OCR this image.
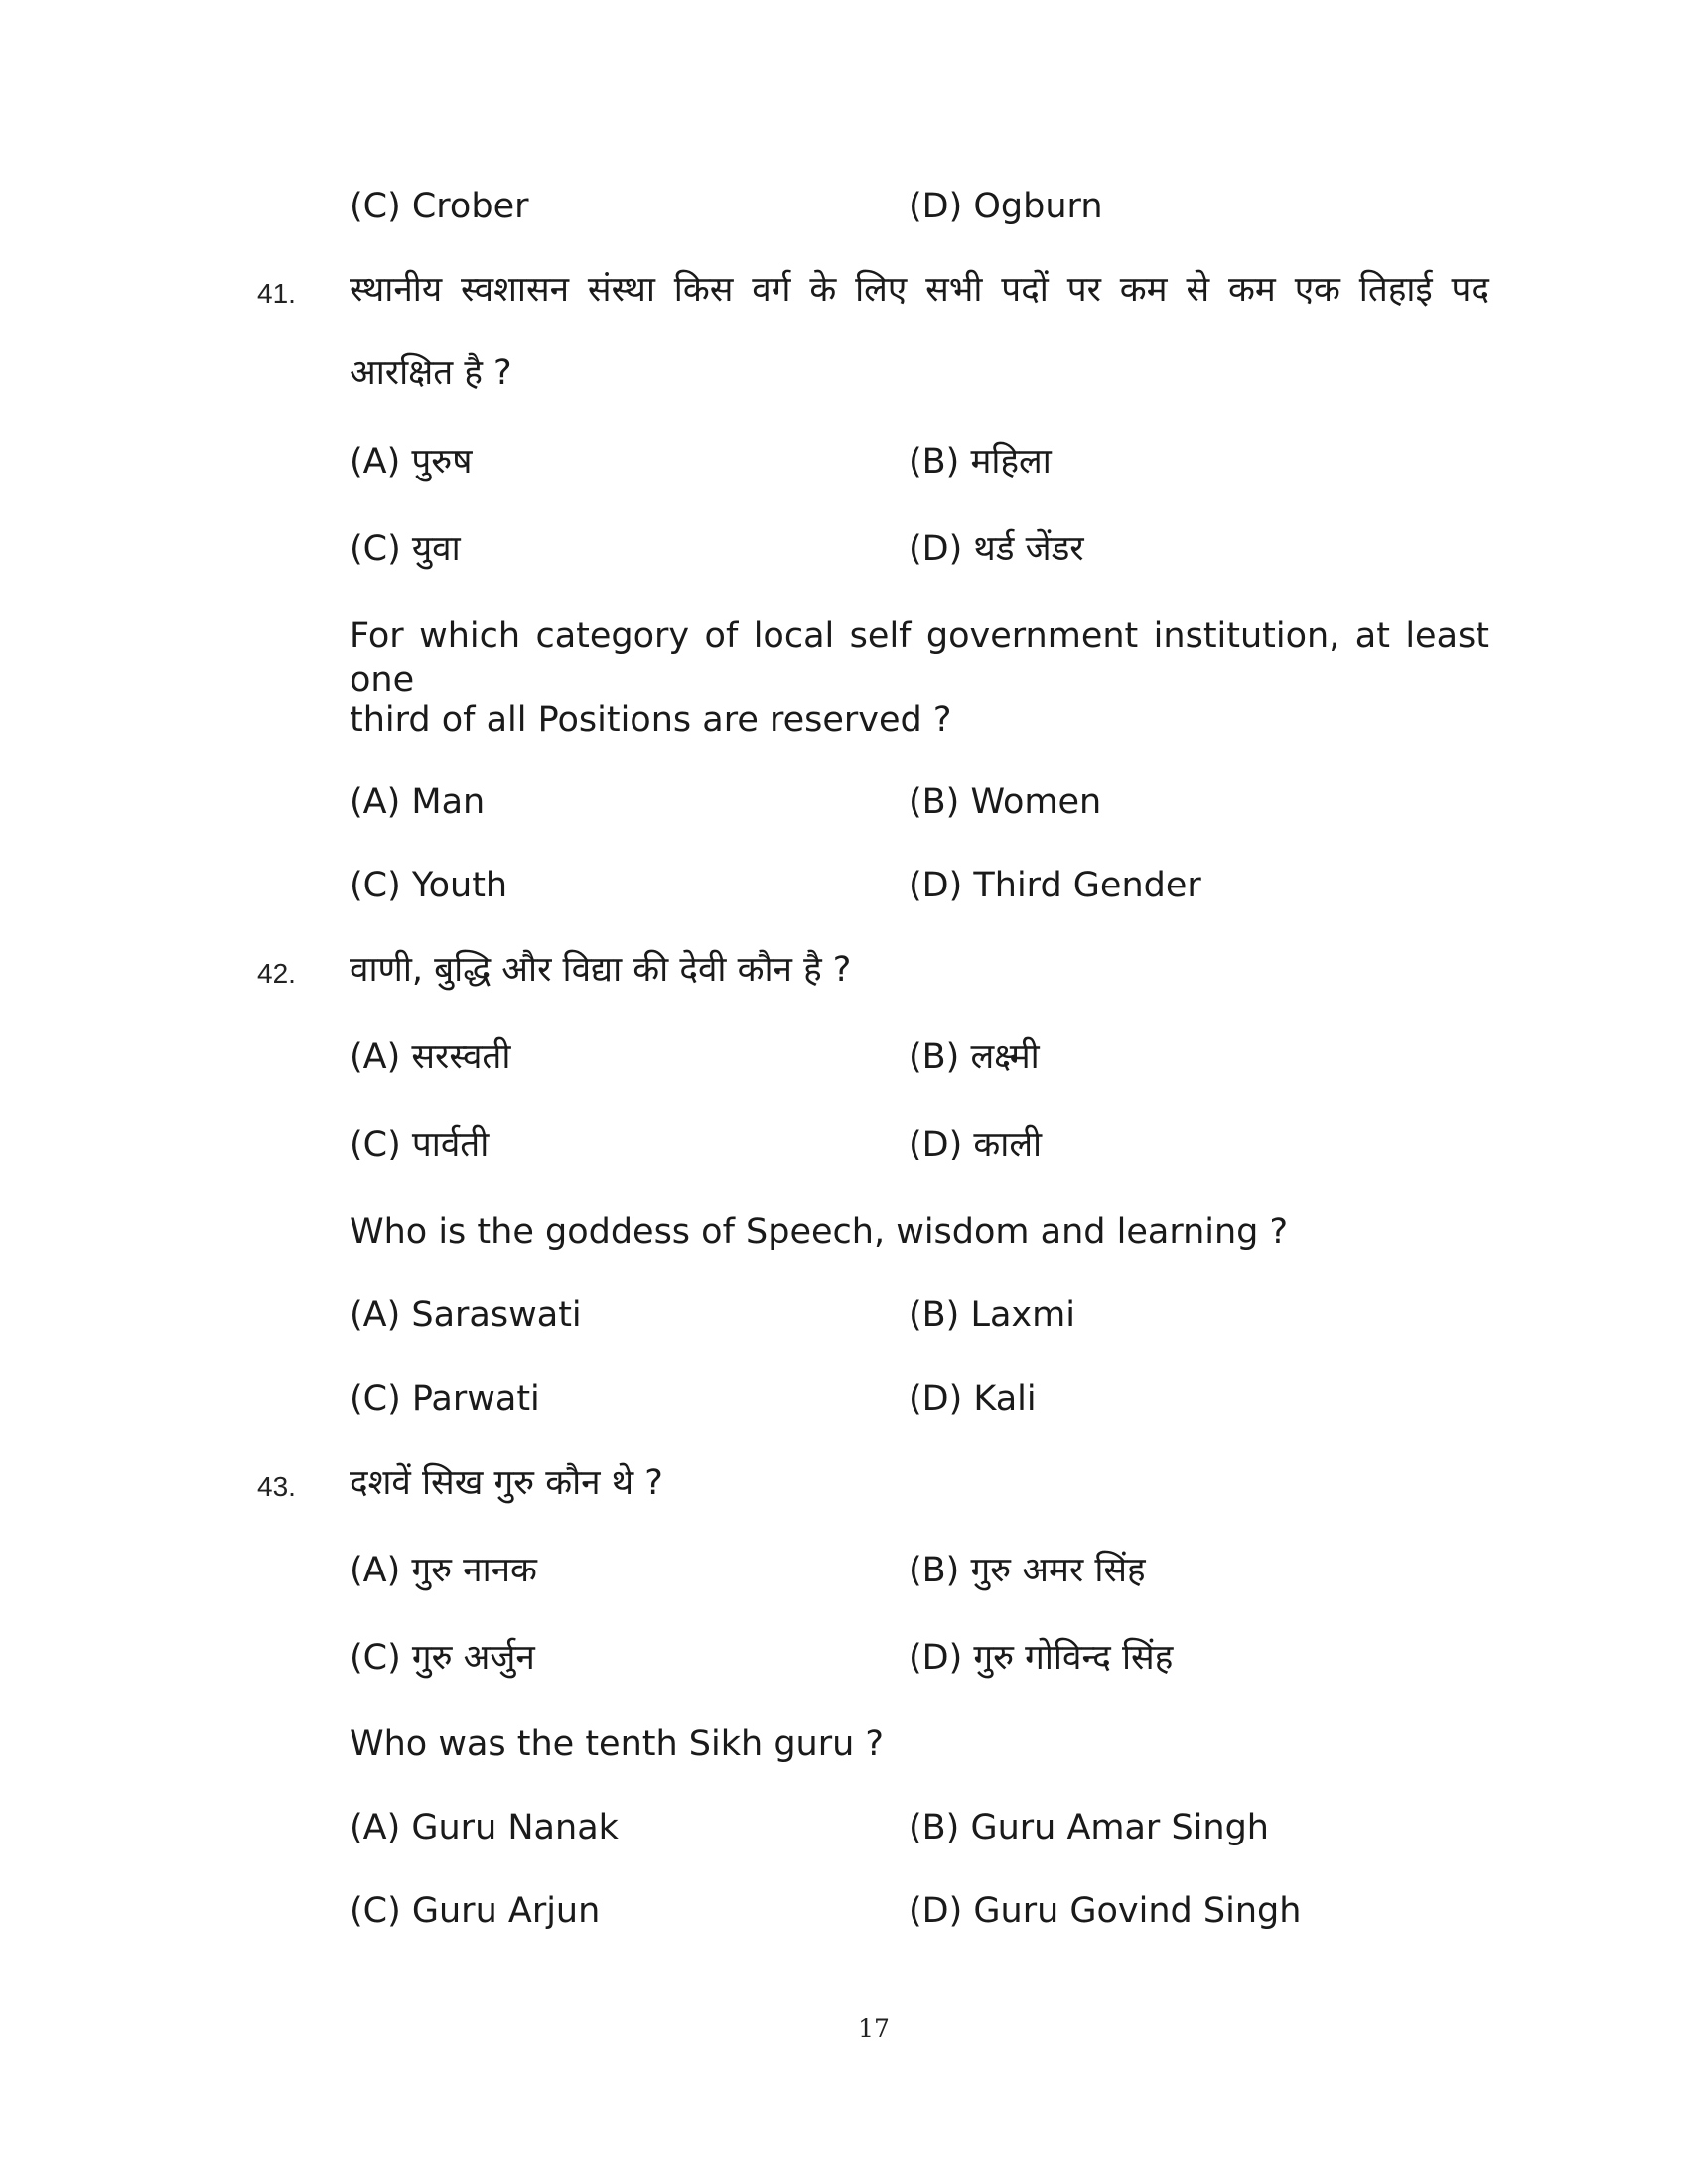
(C) Crober	(D) Ogburn
41. स्थानीय स्वशासन संस्था किस वर्ग के लिए सभी पदों पर कम से कम एक तिहाई पद
आरक्षित है ?
(A) पुरुष	(B) महिला
(C) युवा	(D) थर्ड जेंडर
For which category of local self government institution, at least one
third of all Positions are reserved ?
(A) Man	(B) Women
(C) Youth	(D) Third Gender
42. वाणी, बुद्धि और विद्या की देवी कौन है ?
(A) सरस्वती	(B) लक्ष्मी
(C) पार्वती	(D) काली
Who is the goddess of Speech, wisdom and learning ?
(A) Saraswati	(B) Laxmi
(C) Parwati	(D) Kali
43. दशवें सिख गुरु कौन थे ?
(A) गुरु नानक	(B) गुरु अमर सिंह
(C) गुरु अर्जुन	(D) गुरु गोविन्द सिंह
Who was the tenth Sikh guru ?
(A) Guru Nanak	(B) Guru Amar Singh
(C) Guru Arjun	(D) Guru Govind Singh
17
